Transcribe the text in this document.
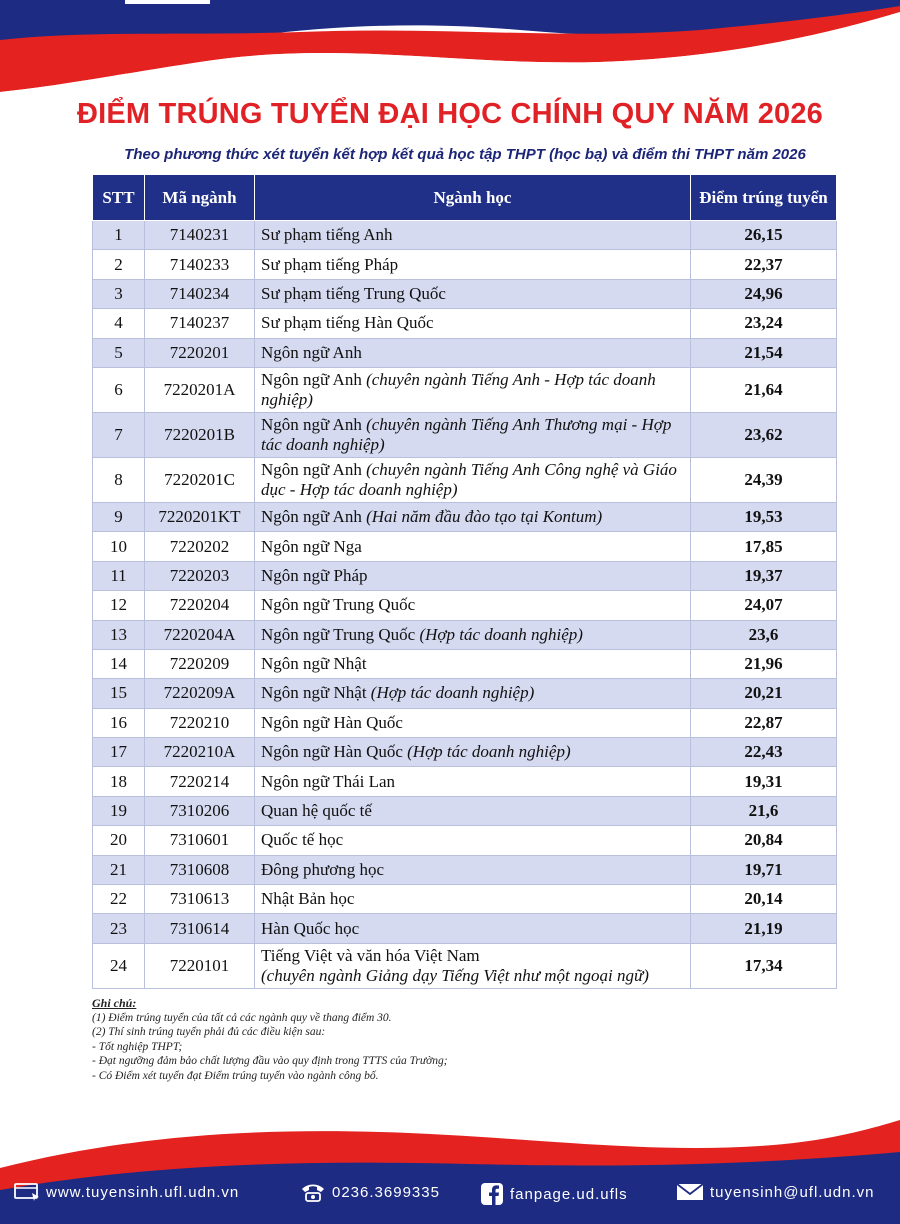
ĐIỂM TRÚNG TUYỂN ĐẠI HỌC CHÍNH QUY NĂM 2026

Theo phương thức xét tuyển kết hợp kết quả học tập THPT (học bạ) và điểm thi THPT năm 2026

STT	Mã ngành	Ngành học	Điểm trúng tuyển
1	7140231	Sư phạm tiếng Anh	26,15
2	7140233	Sư phạm tiếng Pháp	22,37
3	7140234	Sư phạm tiếng Trung Quốc	24,96
4	7140237	Sư phạm tiếng Hàn Quốc	23,24
5	7220201	Ngôn ngữ Anh	21,54
6	7220201A	Ngôn ngữ Anh (chuyên ngành Tiếng Anh - Hợp tác doanh nghiệp)	21,64
7	7220201B	Ngôn ngữ Anh (chuyên ngành Tiếng Anh Thương mại - Hợp tác doanh nghiệp)	23,62
8	7220201C	Ngôn ngữ Anh (chuyên ngành Tiếng Anh Công nghệ và Giáo dục - Hợp tác doanh nghiệp)	24,39
9	7220201KT	Ngôn ngữ Anh (Hai năm đầu đào tạo tại Kontum)	19,53
10	7220202	Ngôn ngữ Nga	17,85
11	7220203	Ngôn ngữ Pháp	19,37
12	7220204	Ngôn ngữ Trung Quốc	24,07
13	7220204A	Ngôn ngữ Trung Quốc (Hợp tác doanh nghiệp)	23,6
14	7220209	Ngôn ngữ Nhật	21,96
15	7220209A	Ngôn ngữ Nhật (Hợp tác doanh nghiệp)	20,21
16	7220210	Ngôn ngữ Hàn Quốc	22,87
17	7220210A	Ngôn ngữ Hàn Quốc (Hợp tác doanh nghiệp)	22,43
18	7220214	Ngôn ngữ Thái Lan	19,31
19	7310206	Quan hệ quốc tế	21,6
20	7310601	Quốc tế học	20,84
21	7310608	Đông phương học	19,71
22	7310613	Nhật Bản học	20,14
23	7310614	Hàn Quốc học	21,19
24	7220101	Tiếng Việt và văn hóa Việt Nam
(chuyên ngành Giảng dạy Tiếng Việt như một ngoại ngữ)	17,34
Ghi chú:
(1) Điểm trúng tuyển của tất cả các ngành quy về thang điểm 30.
(2) Thí sinh trúng tuyển phải đủ các điều kiện sau:
- Tốt nghiệp THPT;
- Đạt ngưỡng đảm bảo chất lượng đầu vào quy định trong TTTS của Trường;
- Có Điểm xét tuyển đạt Điểm trúng tuyển vào ngành công bố.
www.tuyensinh.ufl.udn.vn	0236.3699335	fanpage.ud.ufls	tuyensinh@ufl.udn.vn
